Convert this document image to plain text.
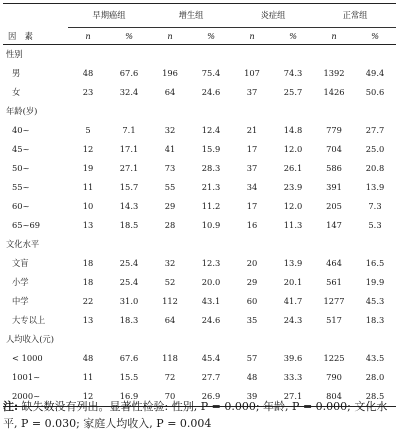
	早期癌组		增生组		炎症组		正常组	
因　素	n	%	n	%	n	%	n	%
性别								
男	48	67.6	196	75.4	107	74.3	1392	49.4
女	23	32.4	64	24.6	37	25.7	1426	50.6
年龄(岁)								
40~	5	7.1	32	12.4	21	14.8	779	27.7
45~	12	17.1	41	15.9	17	12.0	704	25.0
50~	19	27.1	73	28.3	37	26.1	586	20.8
55~	11	15.7	55	21.3	34	23.9	391	13.9
60~	10	14.3	29	11.2	17	12.0	205	7.3
65~69	13	18.5	28	10.9	16	11.3	147	5.3
文化水平								
文盲	18	25.4	32	12.3	20	13.9	464	16.5
小学	18	25.4	52	20.0	29	20.1	561	19.9
中学	22	31.0	112	43.1	60	41.7	1277	45.3
大专以上	13	18.3	64	24.6	35	24.3	517	18.3
人均收入(元)								
< 1000	48	67.6	118	45.4	57	39.6	1225	43.5
1001~	11	15.5	72	27.7	48	33.3	790	28.0
2000~	12	16.9	70	26.9	39	27.1	804	28.5
注: 缺失数没有列出。显著性检验: 性别, P = 0.000; 年龄, P = 0.000; 文化水平, P = 0.030; 家庭人均收入, P = 0.004
